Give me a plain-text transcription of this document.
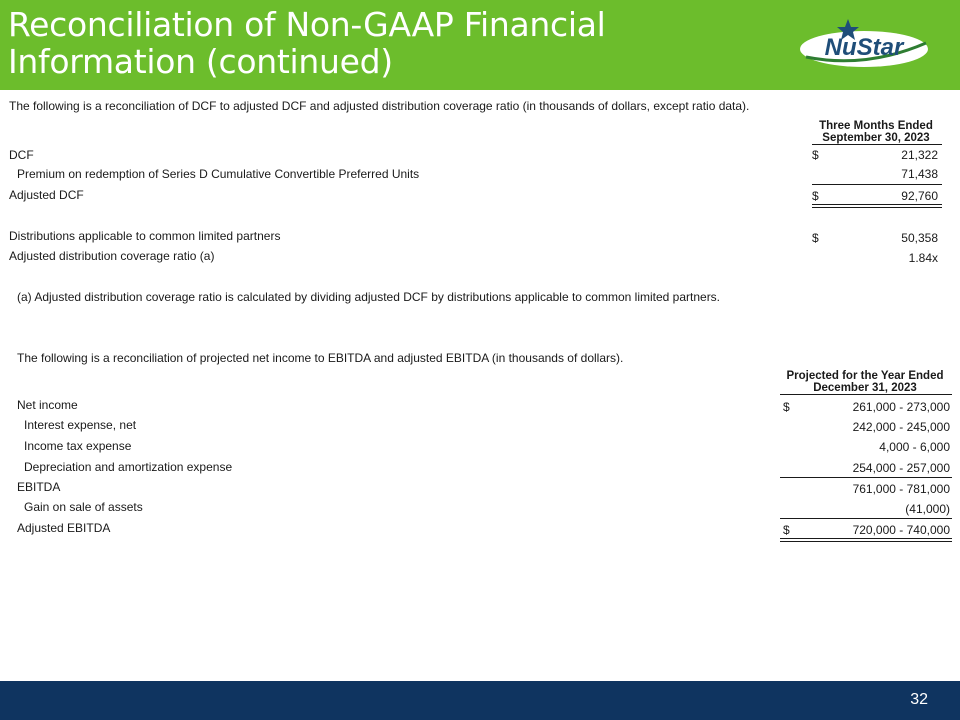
Reconciliation of Non-GAAP Financial
Information (continued)	NuStar
The following is a reconciliation of DCF to adjusted DCF and adjusted distribution coverage ratio (in thousands of dollars, except ratio data).
Three Months Ended
September 30, 2023
DCF	$	21,322
Premium on redemption of Series D Cumulative Convertible Preferred Units	71,438
Adjusted DCF	$	92,760
Distributions applicable to common limited partners	$	50,358
Adjusted distribution coverage ratio (a)	1.84x
(a) Adjusted distribution coverage ratio is calculated by dividing adjusted DCF by distributions applicable to common limited partners.
The following is a reconciliation of projected net income to EBITDA and adjusted EBITDA (in thousands of dollars).
Projected for the Year Ended
December 31, 2023
Net income	$	261,000 - 273,000
Interest expense, net	242,000 - 245,000
Income tax expense	4,000 - 6,000
Depreciation and amortization expense	254,000 - 257,000
EBITDA	761,000 - 781,000
Gain on sale of assets	(41,000)
Adjusted EBITDA	$	720,000 - 740,000
32
